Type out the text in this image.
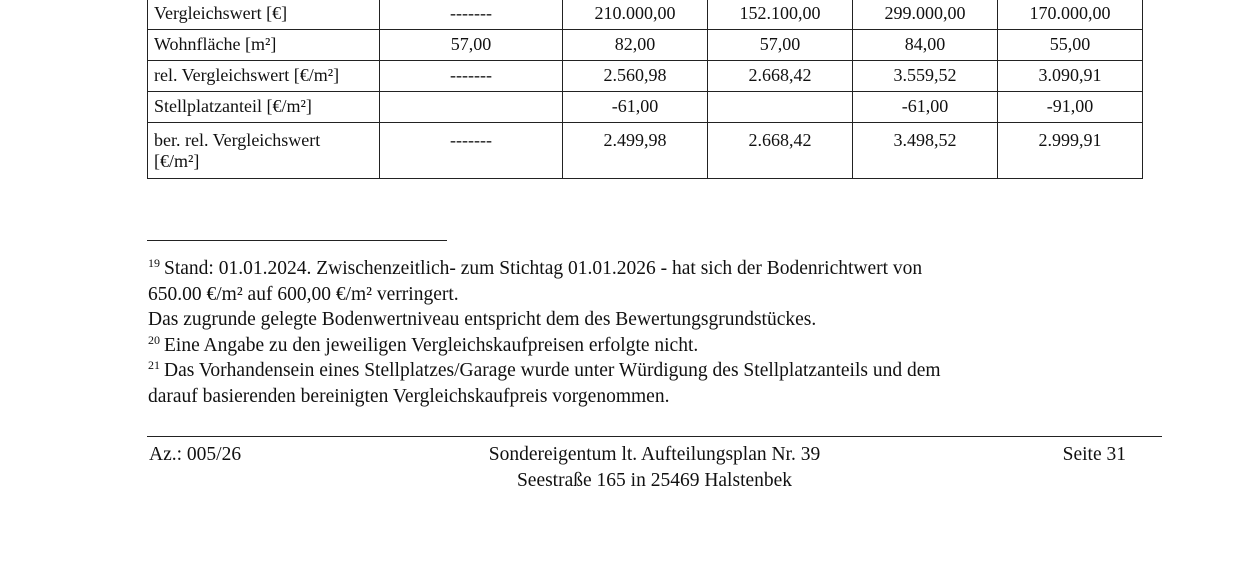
Vergleichswert [€]	-------	210.000,00	152.100,00	299.000,00	170.000,00
Wohnfläche [m²]	57,00	82,00	57,00	84,00	55,00
rel. Vergleichswert [€/m²]	-------	2.560,98	2.668,42	3.559,52	3.090,91
Stellplatzanteil [€/m²]		-61,00		-61,00	-91,00
ber. rel. Vergleichswert
[€/m²]	-------	2.499,98	2.668,42	3.498,52	2.999,91

$^{19}$ Stand: 01.01.2024. Zwischenzeitlich- zum Stichtag 01.01.2026 - hat sich der Bodenrichtwert von

650.00 €/m² auf 600,00 €/m² verringert.

Das zugrunde gelegte Bodenwertniveau entspricht dem des Bewertungsgrundstückes.

$^{20}$ Eine Angabe zu den jeweiligen Vergleichskaufpreisen erfolgte nicht.

$^{21}$ Das Vorhandensein eines Stellplatzes/Garage wurde unter Würdigung des Stellplatzanteils und dem

darauf basierenden bereinigten Vergleichskaufpreis vorgenommen.

Az.: 005/26	Sondereigentum lt. Aufteilungsplan Nr. 39
Seestraße 165 in 25469 Halstenbek
Seite 31
